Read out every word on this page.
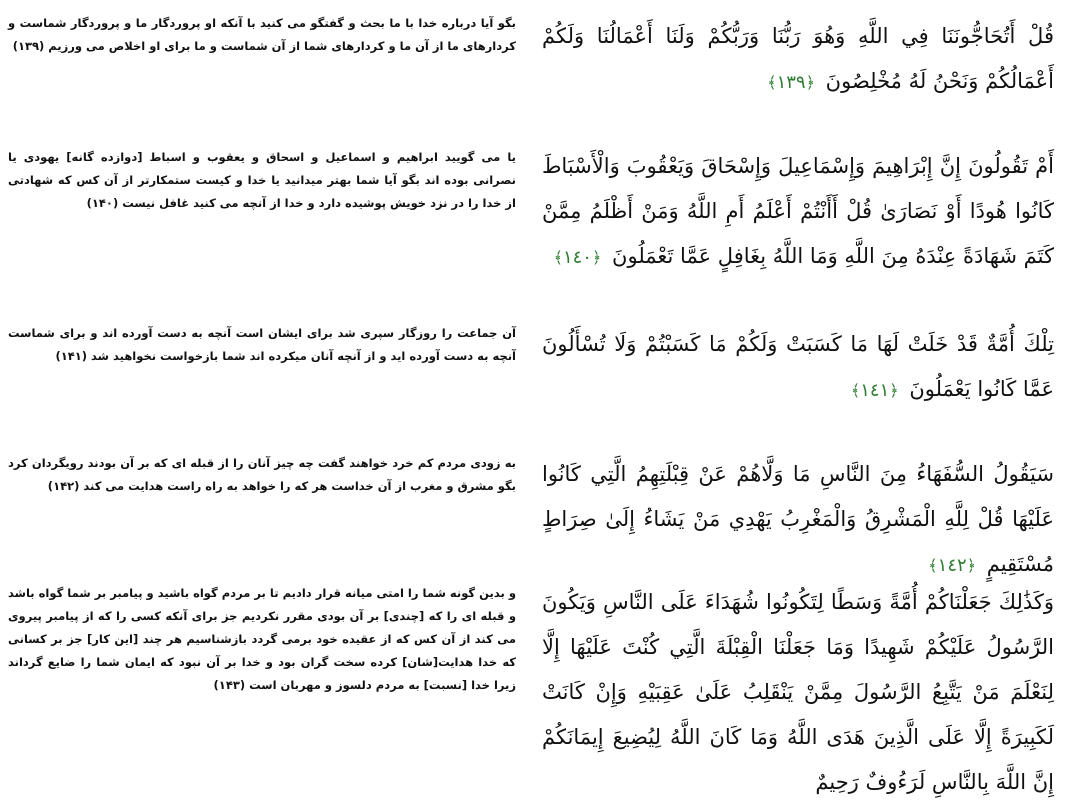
قُلْ أَتُحَاجُّونَنَا فِي اللَّهِ وَهُوَ رَبُّنَا وَرَبُّكُمْ وَلَنَا أَعْمَالُنَا وَلَكُمْ أَعْمَالُكُمْ وَنَحْنُ لَهُ مُخْلِصُونَ ﴿١٣٩﴾
بگو آیا درباره خدا با ما بحث و گفتگو می کنید با آنکه او پروردگار ما و پروردگار شماست و کردارهای ما از آن ما و کردارهای شما از آن شماست و ما برای او اخلاص می ورزیم (۱۳۹)
أَمْ تَقُولُونَ إِنَّ إِبْرَاهِيمَ وَإِسْمَاعِيلَ وَإِسْحَاقَ وَيَعْقُوبَ وَالْأَسْبَاطَ كَانُوا هُودًا أَوْ نَصَارَىٰ قُلْ أَأَنْتُمْ أَعْلَمُ أَمِ اللَّهُ وَمَنْ أَظْلَمُ مِمَّنْ كَتَمَ شَهَادَةً عِنْدَهُ مِنَ اللَّهِ وَمَا اللَّهُ بِغَافِلٍ عَمَّا تَعْمَلُونَ ﴿١٤٠﴾
یا می گویید ابراهیم و اسماعیل و اسحاق و یعقوب و اسباط [دوازده گانه] یهودی یا نصرانی بوده اند بگو آیا شما بهتر میدانید یا خدا و کیست ستمکارتر از آن کس که شهادتی از خدا را در نزد خویش پوشیده دارد و خدا از آنچه می کنید غافل نیست (۱۴۰)
تِلْكَ أُمَّةٌ قَدْ خَلَتْ لَهَا مَا كَسَبَتْ وَلَكُمْ مَا كَسَبْتُمْ وَلَا تُسْأَلُونَ عَمَّا كَانُوا يَعْمَلُونَ ﴿١٤١﴾
آن جماعت را روزگار سپری شد برای ایشان است آنچه به دست آورده اند و برای شماست آنچه به دست آورده اید و از آنچه آنان میکرده اند شما بازخواست نخواهید شد (۱۴۱)
سَيَقُولُ السُّفَهَاءُ مِنَ النَّاسِ مَا وَلَّاهُمْ عَنْ قِبْلَتِهِمُ الَّتِي كَانُوا عَلَيْهَا قُلْ لِلَّهِ الْمَشْرِقُ وَالْمَغْرِبُ يَهْدِي مَنْ يَشَاءُ إِلَىٰ صِرَاطٍ مُسْتَقِيمٍ ﴿١٤٢﴾
به زودی مردم کم خرد خواهند گفت چه چیز آنان را از قبله ای که بر آن بودند رویگردان کرد بگو مشرق و مغرب از آن خداست هر که را خواهد به راه راست هدایت می کند (۱۴۲)
وَكَذَٰلِكَ جَعَلْنَاكُمْ أُمَّةً وَسَطًا لِتَكُونُوا شُهَدَاءَ عَلَى النَّاسِ وَيَكُونَ الرَّسُولُ عَلَيْكُمْ شَهِيدًا وَمَا جَعَلْنَا الْقِبْلَةَ الَّتِي كُنْتَ عَلَيْهَا إِلَّا لِنَعْلَمَ مَنْ يَتَّبِعُ الرَّسُولَ مِمَّنْ يَنْقَلِبُ عَلَىٰ عَقِبَيْهِ وَإِنْ كَانَتْ لَكَبِيرَةً إِلَّا عَلَى الَّذِينَ هَدَى اللَّهُ وَمَا كَانَ اللَّهُ لِيُضِيعَ إِيمَانَكُمْ إِنَّ اللَّهَ بِالنَّاسِ لَرَءُوفٌ رَحِيمٌ
و بدین گونه شما را امتی میانه قرار دادیم تا بر مردم گواه باشید و پیامبر بر شما گواه باشد و قبله ای را که [چندی] بر آن بودی مقرر نکردیم جز برای آنکه کسی را که از پیامبر پیروی می کند از آن کس که از عقیده خود برمی گردد بازشناسیم هر چند [این کار] جز بر کسانی که خدا هدایت[شان] کرده سخت گران بود و خدا بر آن نبود که ایمان شما را ضایع گرداند زیرا خدا [نسبت] به مردم دلسوز و مهربان است (۱۴۳)
